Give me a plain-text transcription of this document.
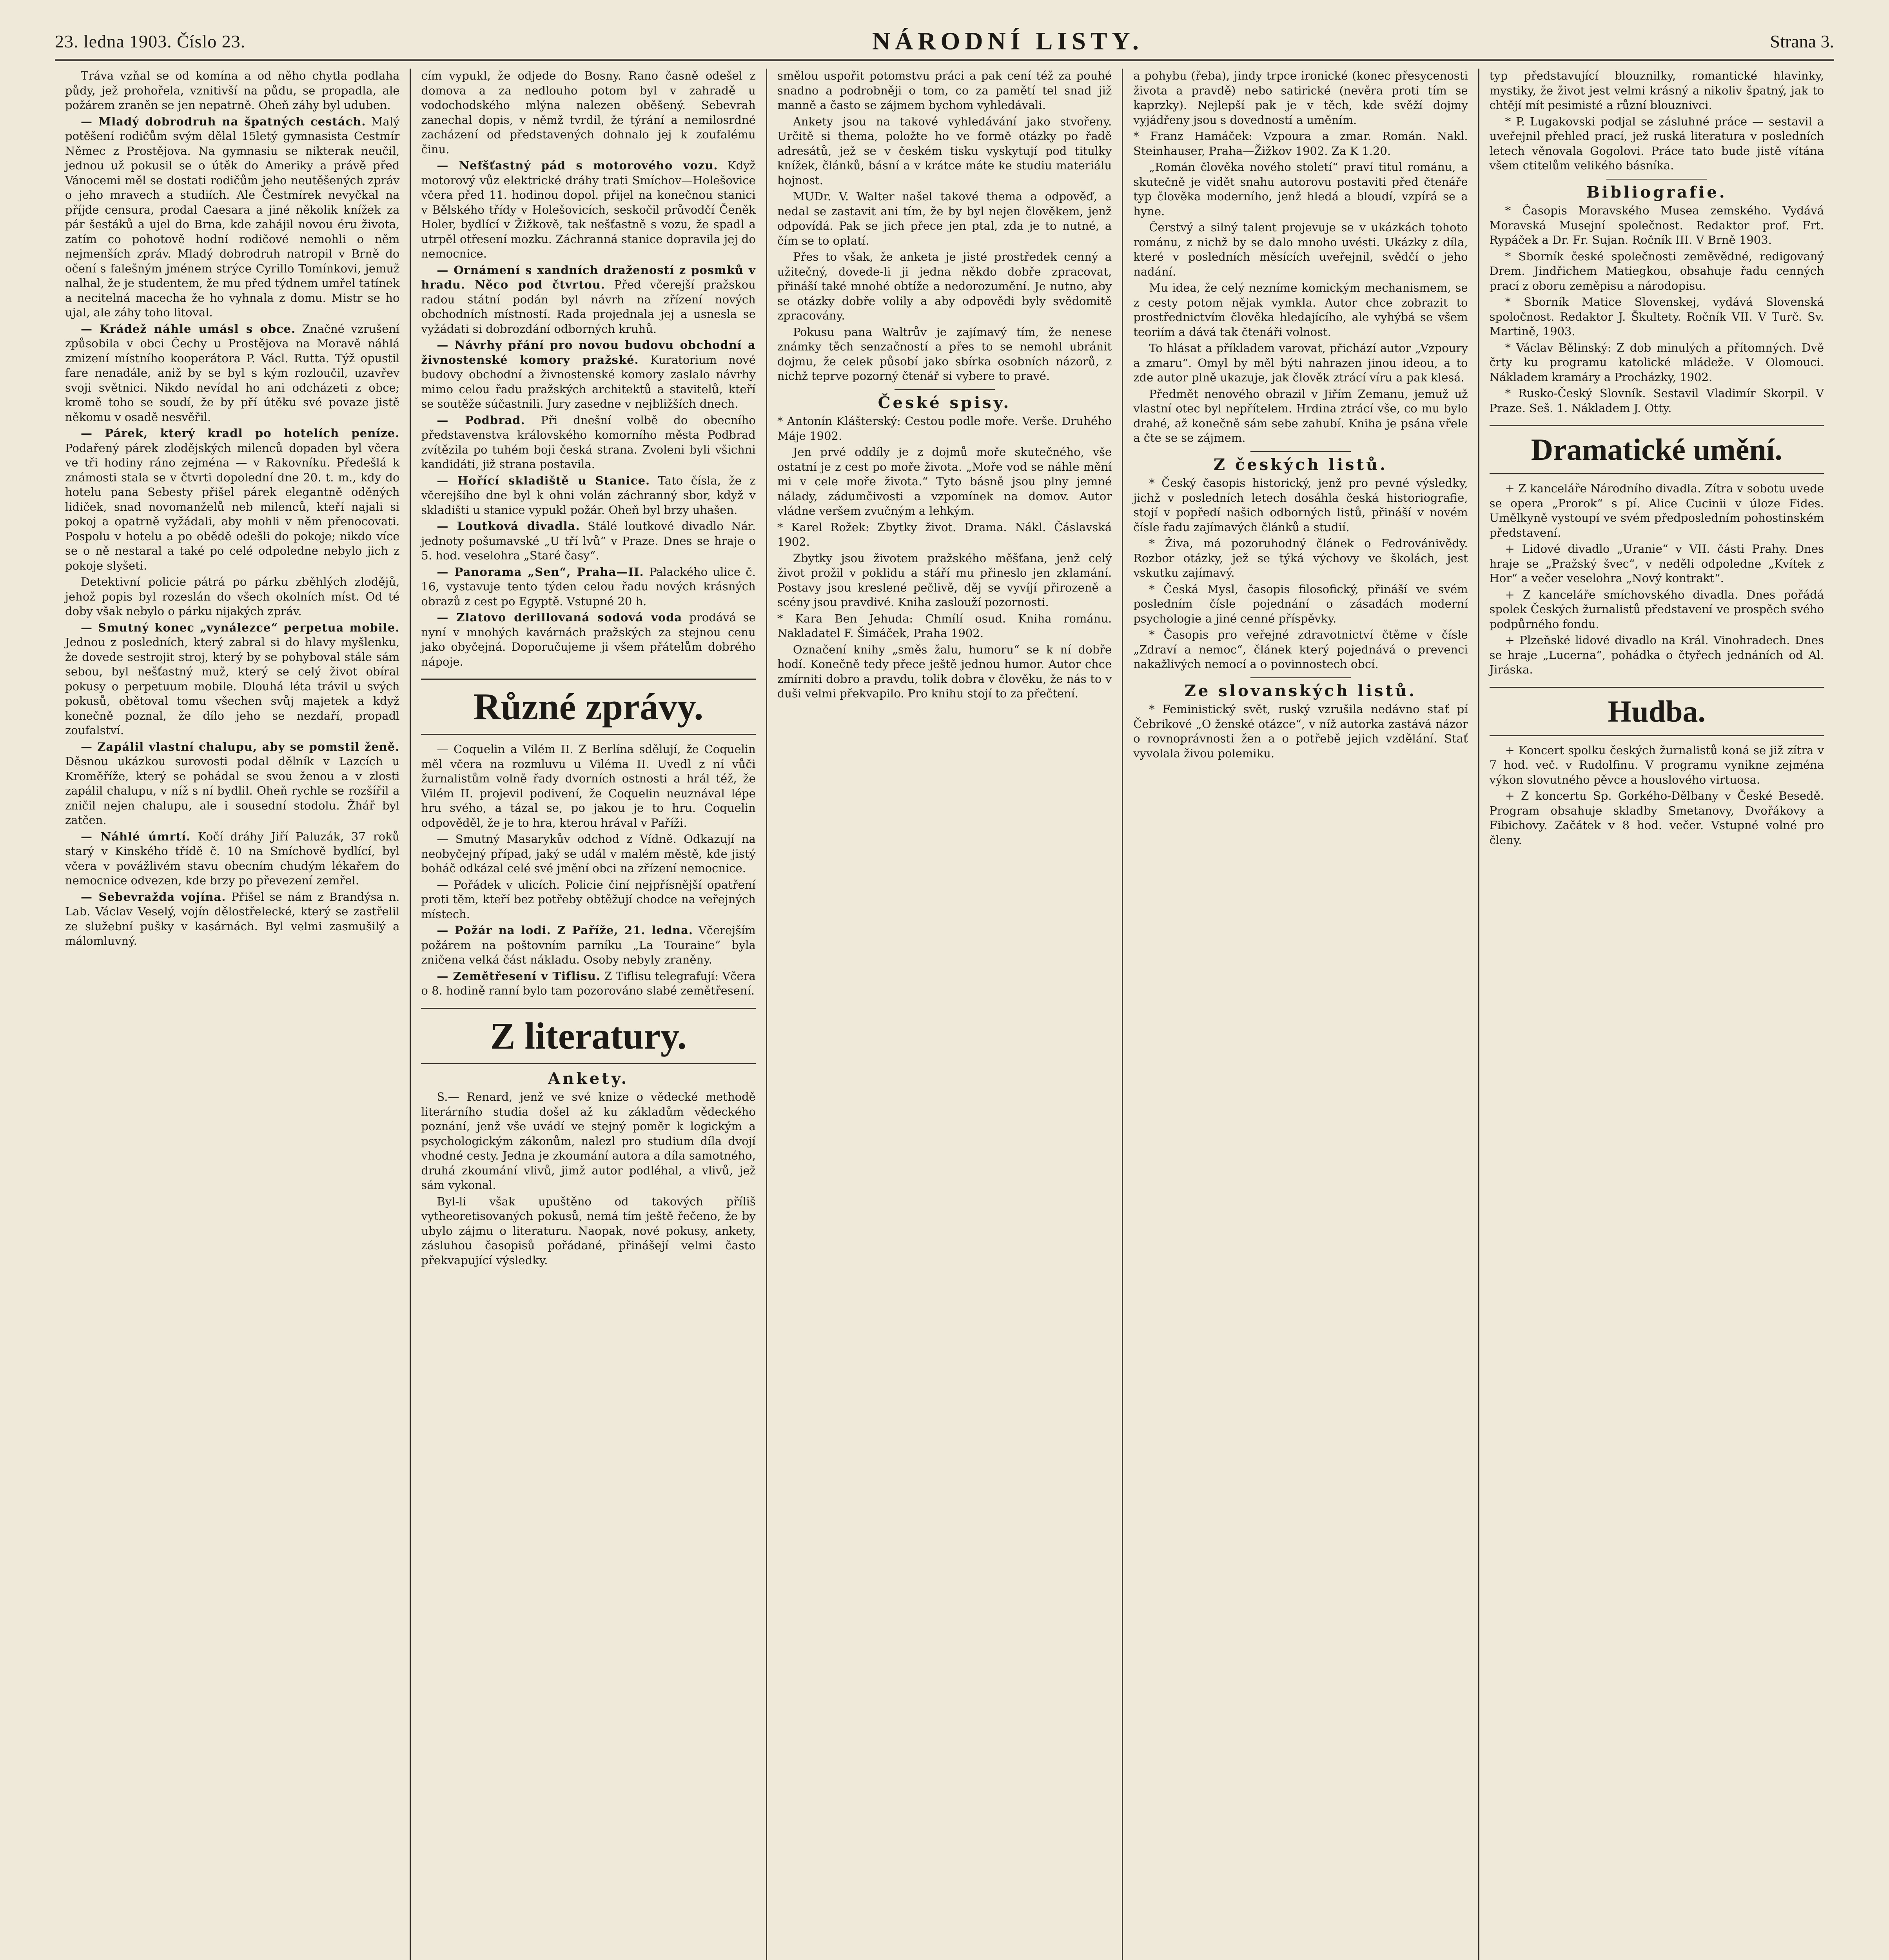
23. ledna 1903. Číslo 23.	NÁRODNÍ LISTY.	Strana 3.

Tráva vzňal se od komína a od něho chytla podlaha půdy, jež prohořela, vznitivší na půdu, se propadla, ale požárem zraněn se jen nepatrně. Oheň záhy byl uduben.

— Mladý dobrodruh na špatných cestách. Malý potěšení rodičům svým dělal 15letý gymnasista Cestmír Němec z Prostějova. Na gymnasiu se nikterak neučil, jednou už pokusil se o útěk do Ameriky a právě před Vánocemi měl se dostati rodičům jeho neutěšených zpráv o jeho mravech a studiích. Ale Čestmírek nevyčkal na příjde censura, prodal Caesara a jiné několik knížek za pár šestáků a ujel do Brna, kde zahájil novou éru života, zatím co pohotově hodní rodičové nemohli o něm nejmenších zpráv. Mladý dobrodruh natropil v Brně do očení s falešným jménem strýce Cyrillo Tomínkovi, jemuž nalhal, že je studentem, že mu před týdnem umřel tatínek a necitelná macecha že ho vyhnala z domu. Mistr se ho ujal, ale záhy toho litoval.

— Krádež náhle umásl s obce. Značné vzrušení způsobila v obci Čechy u Prostějova na Moravě náhlá zmizení místního kooperátora P. Václ. Rutta. Týž opustil fare nenadále, aniž by se byl s kým rozloučil, uzavřev svoji světnici. Nikdo nevídal ho ani odcházeti z obce; kromě toho se soudí, že by pří útěku své povaze jistě někomu v osadě nesvěřil.

— Párek, který kradl po hotelích peníze. Podařený párek zlodějských milenců dopaden byl včera ve tři hodiny ráno zejména — v Rakovníku. Předešlá k známosti stala se v čtvrti dopolední dne 20. t. m., kdy do hotelu pana Sebesty přišel párek elegantně oděných lidiček, snad novomanželů neb milenců, kteří najali si pokoj a opatrně vyžádali, aby mohli v něm přenocovati. Pospolu v hotelu a po obědě odešli do pokoje; nikdo více se o ně nestaral a také po celé odpoledne nebylo jich z pokoje slyšeti.

Detektivní policie pátrá po párku zběhlých zlodějů, jehož popis byl rozeslán do všech okolních míst. Od té doby však nebylo o párku nijakých zpráv.

— Smutný konec „vynálezce“ perpetua mobile. Jednou z posledních, který zabral si do hlavy myšlenku, že dovede sestrojit stroj, který by se pohyboval stále sám sebou, byl nešťastný muž, který se celý život obíral pokusy o perpetuum mobile. Dlouhá léta trávil u svých pokusů, obětoval tomu všechen svůj majetek a když konečně poznal, že dílo jeho se nezdaří, propadl zoufalství.

— Zapálil vlastní chalupu, aby se pomstil ženě. Děsnou ukázkou surovosti podal dělník v Lazcích u Kroměříže, který se pohádal se svou ženou a v zlosti zapálil chalupu, v níž s ní bydlil. Oheň rychle se rozšířil a zničil nejen chalupu, ale i sousední stodolu. Žhář byl zatčen.

— Náhlé úmrtí. Kočí dráhy Jiří Paluzák, 37 roků starý v Kinského třídě č. 10 na Smíchově bydlící, byl včera v povážlivém stavu obecním chudým lékařem do nemocnice odvezen, kde brzy po převezení zemřel.

— Sebevražda vojína. Přišel se nám z Brandýsa n. Lab. Václav Veselý, vojín dělostřelecké, který se zastřelil ze služební pušky v kasárnách. Byl velmi zasmušilý a málomluvný.

cím vypukl, že odjede do Bosny. Rano časně odešel z domova a za nedlouho potom byl v zahradě u vodochodského mlýna nalezen oběšený. Sebevrah zanechal dopis, v němž tvrdil, že týrání a nemilosrdné zacházení od představených dohnalo jej k zoufalému činu.

— Nefšťastný pád s motorového vozu. Když motorový vůz elektrické dráhy trati Smíchov—Holešovice včera před 11. hodinou dopol. přijel na konečnou stanici v Bělského třídy v Holešovicích, seskočil průvodčí Čeněk Holer, bydlící v Žižkově, tak nešťastně s vozu, že spadl a utrpěl otřesení mozku. Záchranná stanice dopravila jej do nemocnice.

— Ornámení s xandních dražeností z posmků v hradu. Něco pod čtvrtou. Před včerejší pražskou radou státní podán byl návrh na zřízení nových obchodních místností. Rada projednala jej a usnesla se vyžádati si dobrozdání odborných kruhů.

— Návrhy přání pro novou budovu obchodní a živnostenské komory pražské. Kuratorium nové budovy obchodní a živnostenské komory zaslalo návrhy mimo celou řadu pražských architektů a stavitelů, kteří se soutěže súčastnili. Jury zasedne v nejbližších dnech.

— Podbrad. Při dnešní volbě do obecního představenstva královského komorního města Podbrad zvítězila po tuhém boji česká strana. Zvoleni byli všichni kandidáti, již strana postavila.

— Hořící skladiště u Stanice. Tato čísla, že z včerejšího dne byl k ohni volán záchranný sbor, když v skladišti u stanice vypukl požár. Oheň byl brzy uhašen.

— Loutková divadla. Stálé loutkové divadlo Nár. jednoty pošumavské „U tří lvů“ v Praze. Dnes se hraje o 5. hod. veselohra „Staré časy“.

— Panorama „Sen“, Praha—II. Palackého ulice č. 16, vystavuje tento týden celou řadu nových krásných obrazů z cest po Egyptě. Vstupné 20 h.

— Zlatovo derillovaná sodová voda prodává se nyní v mnohých kavárnách pražských za stejnou cenu jako obyčejná. Doporučujeme ji všem přátelům dobrého nápoje.

Různé zprávy.

— Coquelin a Vilém II. Z Berlína sdělují, že Coquelin měl včera na rozmluvu u Viléma II. Uvedl z ní vůči žurnalistům volně řady dvorních ostnosti a hrál též, že Vilém II. projevil podivení, že Coquelin neuznával lépe hru svého, a tázal se, po jakou je to hru. Coquelin odpověděl, že je to hra, kterou hrával v Paříži.

— Smutný Masarykův odchod z Vídně. Odkazují na neobyčejný případ, jaký se udál v malém městě, kde jistý boháč odkázal celé své jmění obci na zřízení nemocnice.

— Pořádek v ulicích. Policie činí nejpřísnější opatření proti těm, kteří bez potřeby obtěžují chodce na veřejných místech.

— Požár na lodi. Z Paříže, 21. ledna. Včerejším požárem na poštovním parníku „La Touraine“ byla zničena velká část nákladu. Osoby nebyly zraněny.

— Zemětřesení v Tiflisu. Z Tiflisu telegrafují: Včera o 8. hodině ranní bylo tam pozorováno slabé zemětřesení.

Z literatury.
Ankety.

S.— Renard, jenž ve své knize o vědecké methodě literárního studia došel až ku základům vědeckého poznání, jenž vše uvádí ve stejný poměr k logickým a psychologickým zákonům, nalezl pro studium díla dvojí vhodné cesty. Jedna je zkoumání autora a díla samotného, druhá zkoumání vlivů, jimž autor podléhal, a vlivů, jež sám vykonal.

Byl-li však upuštěno od takových příliš vytheoretisovaných pokusů, nemá tím ještě řečeno, že by ubylo zájmu o literaturu. Naopak, nové pokusy, ankety, zásluhou časopisů pořádané, přinášejí velmi často překvapující výsledky.

smělou uspořit potomstvu práci a pak cení též za pouhé snadno a podrobněji o tom, co za pamětí tel snad již manně a často se zájmem bychom vyhledávali.

Ankety jsou na takové vyhledávání jako stvořeny. Určitě si thema, položte ho ve formě otázky po řadě adresátů, jež se v českém tisku vyskytují pod titulky knížek, článků, básní a v krátce máte ke studiu materiálu hojnost.

MUDr. V. Walter našel takové thema a odpověď, a nedal se zastavit ani tím, že by byl nejen člověkem, jenž odpovídá. Pak se jich přece jen ptal, zda je to nutné, a čím se to oplatí.

Přes to však, že anketa je jisté prostředek cenný a užitečný, dovede-li ji jedna někdo dobře zpracovat, přináší také mnohé obtíže a nedorozumění. Je nutno, aby se otázky dobře volily a aby odpovědi byly svědomitě zpracovány.

Pokusu pana Waltrův je zajímavý tím, že nenese známky těch senzačností a přes to se nemohl ubránit dojmu, že celek působí jako sbírka osobních názorů, z nichž teprve pozorný čtenář si vybere to pravé.

České spisy.

* Antonín Klášterský: Cestou podle moře. Verše. Druhého Máje 1902.

Jen prvé oddíly je z dojmů moře skutečného, vše ostatní je z cest po moře života. „Moře vod se náhle mění mi v cele moře života.“ Tyto básně jsou plny jemné nálady, zádumčivosti a vzpomínek na domov. Autor vládne veršem zvučným a lehkým.

* Karel Rožek: Zbytky život. Drama. Nákl. Čáslavská 1902.

Zbytky jsou životem pražského měšťana, jenž celý život prožil v poklidu a stáří mu přineslo jen zklamání. Postavy jsou kreslené pečlivě, děj se vyvíjí přirozeně a scény jsou pravdivé. Kniha zaslouží pozornosti.

* Kara Ben Jehuda: Chmílí osud. Kniha románu. Nakladatel F. Šimáček, Praha 1902.

Označení knihy „směs žalu, humoru“ se k ní dobře hodí. Konečně tedy přece ještě jednou humor. Autor chce zmírniti dobro a pravdu, tolik dobra v člověku, že nás to v duši velmi překvapilo. Pro knihu stojí to za přečtení.

a pohybu (řeba), jindy trpce ironické (konec přesycenosti života a pravdě) nebo satirické (nevěra proti tím se kaprzky). Nejlepší pak je v těch, kde svěží dojmy vyjádřeny jsou s dovedností a uměním.

* Franz Hamáček: Vzpoura a zmar. Román. Nakl. Steinhauser, Praha—Žižkov 1902. Za K 1.20.

„Román člověka nového století“ praví titul románu, a skutečně je vidět snahu autorovu postaviti před čtenáře typ člověka moderního, jenž hledá a bloudí, vzpírá se a hyne.

Čerstvý a silný talent projevuje se v ukázkách tohoto románu, z nichž by se dalo mnoho uvésti. Ukázky z díla, které v posledních měsících uveřejnil, svědčí o jeho nadání.

Mu idea, že celý nezníme komickým mechanismem, se z cesty potom nějak vymkla. Autor chce zobrazit to prostřednictvím člověka hledajícího, ale vyhýbá se všem teoriím a dává tak čtenáři volnost.

To hlásat a příkladem varovat, přichází autor „Vzpoury a zmaru“. Omyl by měl býti nahrazen jinou ideou, a to zde autor plně ukazuje, jak člověk ztrácí víru a pak klesá.

Předmět nenového obrazil v Jiřím Zemanu, jemuž už vlastní otec byl nepřítelem. Hrdina ztrácí vše, co mu bylo drahé, až konečně sám sebe zahubí. Kniha je psána vřele a čte se se zájmem.

Z českých listů.

* Český časopis historický, jenž pro pevné výsledky, jichž v posledních letech dosáhla česká historiografie, stojí v popředí našich odborných listů, přináší v novém čísle řadu zajímavých článků a studií.

* Živa, má pozoruhodný článek o Fedrovánivědy. Rozbor otázky, jež se týká výchovy ve školách, jest vskutku zajímavý.

* Česká Mysl, časopis filosofický, přináší ve svém posledním čísle pojednání o zásadách moderní psychologie a jiné cenné příspěvky.

* Časopis pro veřejné zdravotnictví čtěme v čísle „Zdraví a nemoc“, článek který pojednává o prevenci nakažlivých nemocí a o povinnostech obcí.

Ze slovanských listů.

* Feministický svět, ruský vzrušila nedávno stať pí Čebrikové „O ženské otázce“, v níž autorka zastává názor o rovnoprávnosti žen a o potřebě jejich vzdělání. Stať vyvolala živou polemiku.

typ představující blouznilky, romantické hlavinky, mystiky, že život jest velmi krásný a nikoliv špatný, jak to chtějí mít pesimisté a různí blouznivci.

* P. Lugakovski podjal se zásluhné práce — sestavil a uveřejnil přehled prací, jež ruská literatura v posledních letech věnovala Gogolovi. Práce tato bude jistě vítána všem ctitelům velikého básníka.

Bibliografie.

* Časopis Moravského Musea zemského. Vydává Moravská Musejní společnost. Redaktor prof. Frt. Rypáček a Dr. Fr. Sujan. Ročník III. V Brně 1903.

* Sborník české společnosti zeměvědné, redigovaný Drem. Jindřichem Matiegkou, obsahuje řadu cenných prací z oboru zeměpisu a národopisu.

* Sborník Matice Slovenskej, vydává Slovenská spoločnost. Redaktor J. Škultety. Ročník VII. V Turč. Sv. Martině, 1903.

* Václav Bělinský: Z dob minulých a přítomných. Dvě črty ku programu katolické mládeže. V Olomouci. Nákladem kramáry a Procházky, 1902.

* Rusko-Český Slovník. Sestavil Vladimír Skorpil. V Praze. Seš. 1. Nákladem J. Otty.

Dramatické umění.

+ Z kanceláře Národního divadla. Zítra v sobotu uvede se opera „Prorok“ s pí. Alice Cucinii v úloze Fides. Umělkyně vystoupí ve svém předposledním pohostinském představení.

+ Lidové divadlo „Uranie“ v VII. části Prahy. Dnes hraje se „Pražský švec“, v neděli odpoledne „Kvítek z Hor“ a večer veselohra „Nový kontrakt“.

+ Z kanceláře smíchovského divadla. Dnes pořádá spolek Českých žurnalistů představení ve prospěch svého podpůrného fondu.

+ Plzeňské lidové divadlo na Král. Vinohradech. Dnes se hraje „Lucerna“, pohádka o čtyřech jednáních od Al. Jiráska.

Hudba.

+ Koncert spolku českých žurnalistů koná se již zítra v 7 hod. več. v Rudolfinu. V programu vynikne zejména výkon slovutného pěvce a houslového virtuosa.

+ Z koncertu Sp. Gorkého-Dělbany v České Besedě. Program obsahuje skladby Smetanovy, Dvořákovy a Fibichovy. Začátek v 8 hod. večer. Vstupné volné pro členy.
